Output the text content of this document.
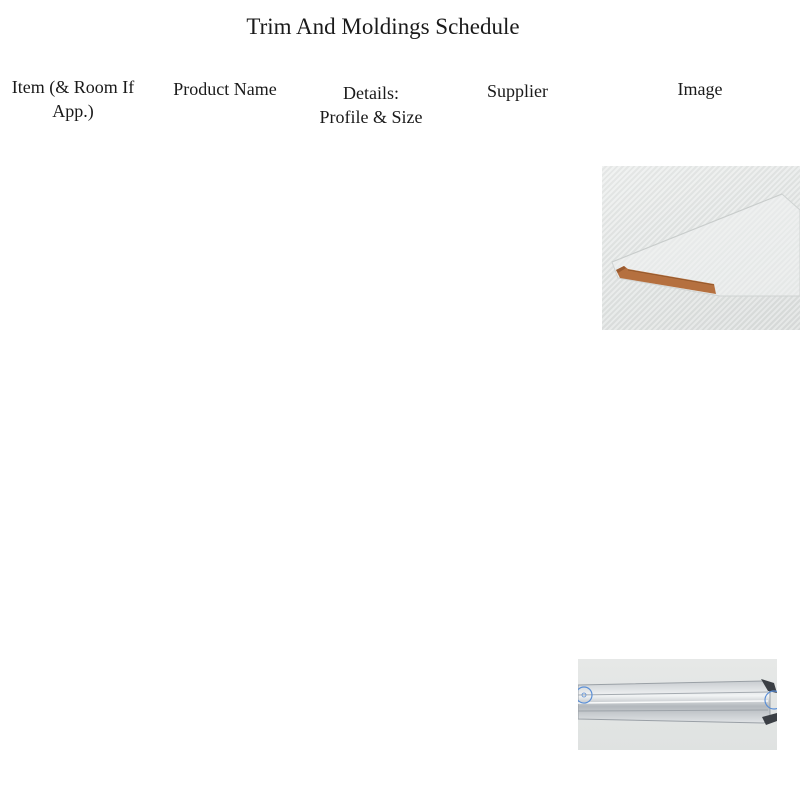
Trim And Moldings Schedule
Item (& Room If
App.)
Product Name	Details:
Profile & Size
Supplier	Image
